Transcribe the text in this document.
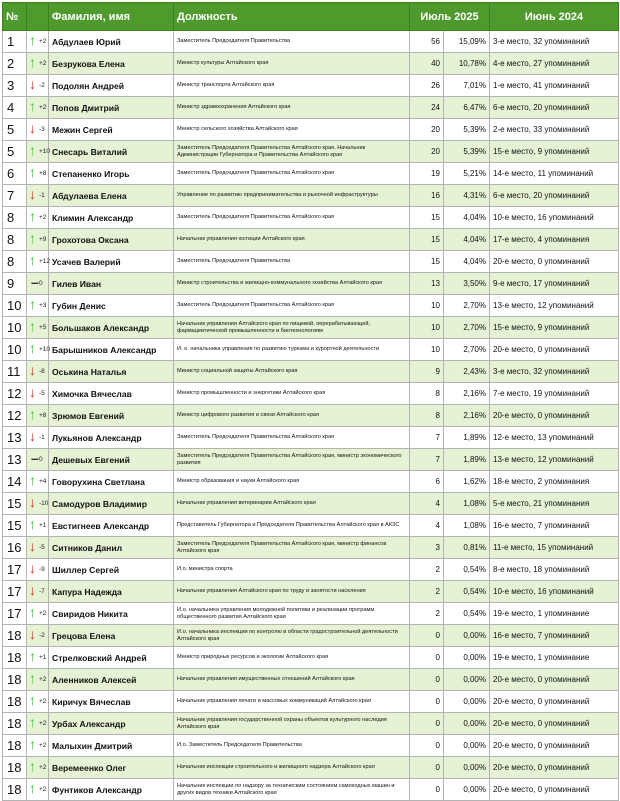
№		Фамилия, имя	Должность	Июль 2025		Июнь 2024
1	↑ +2	Абдулаев Юрий	Заместитель Председателя Правительства	56	15,09%	3-е место, 32 упоминаний
2	↑ +2	Безрукова Елена	Министр культуры Алтайского края	40	10,78%	4-е место, 27 упоминаний
3	↓ -2	Подолян Андрей	Министр транспорта Алтайского края	26	7,01%	1-е место, 41 упоминаний
4	↑ +2	Попов Дмитрий	Министр здравоохранения Алтайского края	24	6,47%	6-е место, 20 упоминаний
5	↓ -3	Межин Сергей	Министр сельского хозяйства Алтайского края	20	5,39%	2-е место, 33 упоминаний
5	↑ +10	Снесарь Виталий	Заместитель Председателя Правительства Алтайского края, Начальник Администрации Губернатора и Правительства Алтайского края	20	5,39%	15-е место, 9 упоминаний
6	↑ +8	Степаненко Игорь	Заместитель Председателя Правительства Алтайского края	19	5,21%	14-е место, 11 упоминаний
7	↓ -1	Абдулаева Елена	Управление по развитию предпринимательства и рыночной инфраструктуры	16	4,31%	6-е место, 20 упоминаний
8	↑ +2	Климин Александр	Заместитель Председателя Правительства Алтайского края	15	4,04%	10-е место, 16 упоминаний
8	↑ +9	Грохотова Оксана	Начальник управления юстиции Алтайского края	15	4,04%	17-е место, 4 упоминания
8	↑ +12	Усачев Валерий	Заместитель Председателя Правительства	15	4,04%	20-е место, 0 упоминаний
9	– 0	Гилев Иван	Министр строительства и жилищно-коммунального хозяйства Алтайского края	13	3,50%	9-е место, 17 упоминаний
10	↑ +3	Губин Денис	Заместитель Председателя Правительства Алтайского края	10	2,70%	13-е место, 12 упоминаний
10	↑ +5	Большаков Александр	Начальник управления Алтайского края по пищевой, перерабатывающей, фармацевтической промышленности и биотехнологиям	10	2,70%	15-е место, 9 упоминаний
10	↑ +10	Барышников Александр	И. о. начальника управления по развитию туризма и курортной деятельности	10	2,70%	20-е место, 0 упоминаний
11	↓ -8	Оськина Наталья	Министр социальной защиты Алтайского края	9	2,43%	3-е место, 32 упоминаний
12	↓ -5	Химочка Вячеслав	Министр промышленности и энергетики Алтайского края	8	2,16%	7-е место, 19 упоминаний
12	↑ +8	Зрюмов Евгений	Министр цифрового развития и связи Алтайского края	8	2,16%	20-е место, 0 упоминаний
13	↓ -1	Лукьянов Александр	Заместитель Председателя Правительства Алтайского края	7	1,89%	12-е место, 13 упоминаний
13	– 0	Дешевых Евгений	Заместитель Председателя Правительства Алтайского края, министр экономического развития	7	1,89%	13-е место, 12 упоминаний
14	↑ +4	Говорухина Светлана	Министр образования и науки Алтайского края	6	1,62%	18-е место, 2 упоминания
15	↓ -10	Самодуров Владимир	Начальник управления ветеринарии Алтайского края	4	1,08%	5-е место, 21 упоминания
15	↑ +1	Евстигнеев Александр	Представитель Губернатора и Председателя Правительства Алтайского края в АКЗС	4	1,08%	16-е место, 7 упоминаний
16	↓ -5	Ситников Данил	Заместитель Председателя Правительства Алтайского края, министр финансов Алтайского края	3	0,81%	11-е место, 15 упоминаний
17	↓ -9	Шиллер Сергей	И.о. министра спорта	2	0,54%	8-е место, 18 упоминаний
17	↓ -7	Капура Надежда	Начальник управления Алтайского края по труду и занятости населения	2	0,54%	10-е место, 16 упоминаний
17	↑ +2	Свиридов Никита	И.о. начальника управления молодежной политики и реализации программ общественного развития Алтайского края	2	0,54%	19-е место, 1 упоминание
18	↓ -2	Грецова Елена	И.о. начальника инспекции по контролю в области градостроительной деятельности Алтайского края	0	0,00%	16-е место, 7 упоминаний
18	↑ +1	Стрелковский Андрей	Министр природных ресурсов и экологии Алтайского края	0	0,00%	19-е место, 1 упоминание
18	↑ +2	Аленников Алексей	Начальник управления имущественных отношений Алтайского края	0	0,00%	20-е место, 0 упоминаний
18	↑ +2	Киричук Вячеслав	Начальник управления печати и массовых коммуникаций Алтайского края	0	0,00%	20-е место, 0 упоминаний
18	↑ +2	Урбах Александр	Начальник управления государственной охраны объектов культурного наследия Алтайского края	0	0,00%	20-е место, 0 упоминаний
18	↑ +2	Малыхин Дмитрий	И.о. Заместитель Председателя Правительства	0	0,00%	20-е место, 0 упоминаний
18	↑ +2	Веремеенко Олег	Начальник инспекции строительного и жилищного надзора Алтайского края	0	0,00%	20-е место, 0 упоминаний
18	↑ +2	Фунтиков Александр	Начальник инспекции по надзору за техническим состоянием самоходных машин и других видов техники Алтайского края	0	0,00%	20-е место, 0 упоминаний
